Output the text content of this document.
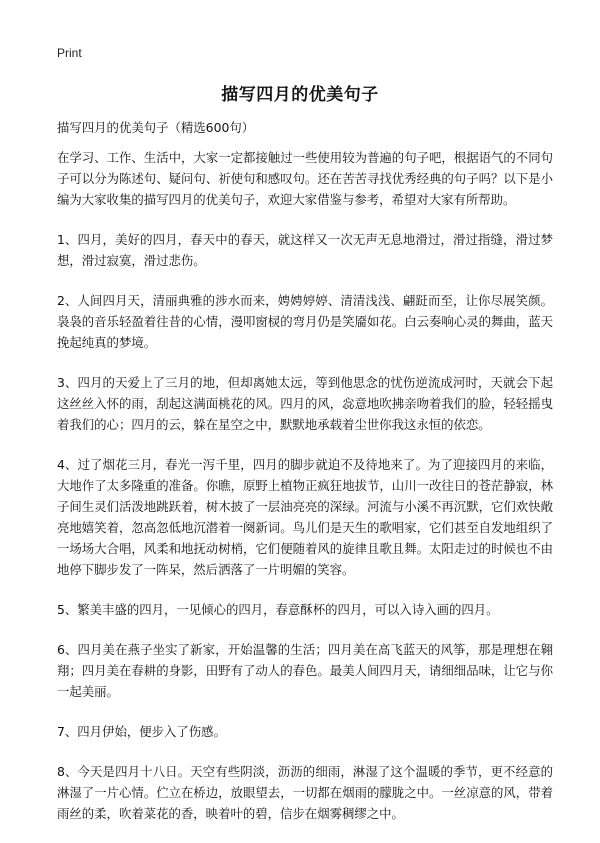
Print
描写四月的优美句子
描写四月的优美句子（精选600句）
在学习、工作、生活中，大家一定都接触过一些使用较为普遍的句子吧，根据语气的不同句子可以分为陈述句、疑问句、祈使句和感叹句。还在苦苦寻找优秀经典的句子吗？以下是小编为大家收集的描写四月的优美句子，欢迎大家借鉴与参考，希望对大家有所帮助。
1、四月，美好的四月，春天中的春天，就这样又一次无声无息地滑过，滑过指缝，滑过梦想，滑过寂寞，滑过悲伤。
2、人间四月天，清丽典雅的涉水而来，娉娉婷婷、清清浅浅、翩跹而至，让你尽展笑颜。袅袅的音乐轻盈着往昔的心情，漫叩窗棂的弯月仍是笑靥如花。白云奏响心灵的舞曲，蓝天挽起纯真的梦境。
3、四月的天爱上了三月的地，但却离她太远，等到他思念的忧伤逆流成河时，天就会下起这丝丝入怀的雨，刮起这满面桃花的风。四月的风，惢意地吹拂亲吻着我们的脸，轻轻摇曳着我们的心；四月的云，躲在星空之中，默默地承载着尘世你我这永恒的依恋。
4、过了烟花三月，春光一泻千里，四月的脚步就迫不及待地来了。为了迎接四月的来临，大地作了太多隆重的准备。你瞧，原野上植物正疯狂地拔节，山川一改往日的苍茫静寂，林子间生灵们活泼地跳跃着，树木披了一层油亮亮的深绿。河流与小溪不再沉默，它们欢快敞亮地嬉笑着，忽高忽低地沉潜着一阕新词。鸟儿们是天生的歌唱家，它们甚至自发地组织了一场场大合唱，风柔和地抚动树梢，它们便随着风的旋律且歌且舞。太阳走过的时候也不由地停下脚步发了一阵呆，然后洒落了一片明媚的笑容。
5、繁美丰盛的四月，一见倾心的四月，春意酥杯的四月，可以入诗入画的四月。
6、四月美在燕子坐实了新家，开始温馨的生活；四月美在高飞蓝天的风筝，那是理想在翱翔；四月美在春耕的身影，田野有了动人的春色。最美人间四月天，请细细品味，让它与你一起美丽。
7、四月伊始，便步入了伤感。
8、今天是四月十八日。天空有些阴淡，沥沥的细雨，淋湿了这个温暖的季节，更不经意的淋湿了一片心情。伫立在桥边，放眼望去，一切都在烟雨的朦胧之中。一丝凉意的风，带着雨丝的柔，吹着菜花的香，映着叶的碧，信步在烟雾稠缪之中。
